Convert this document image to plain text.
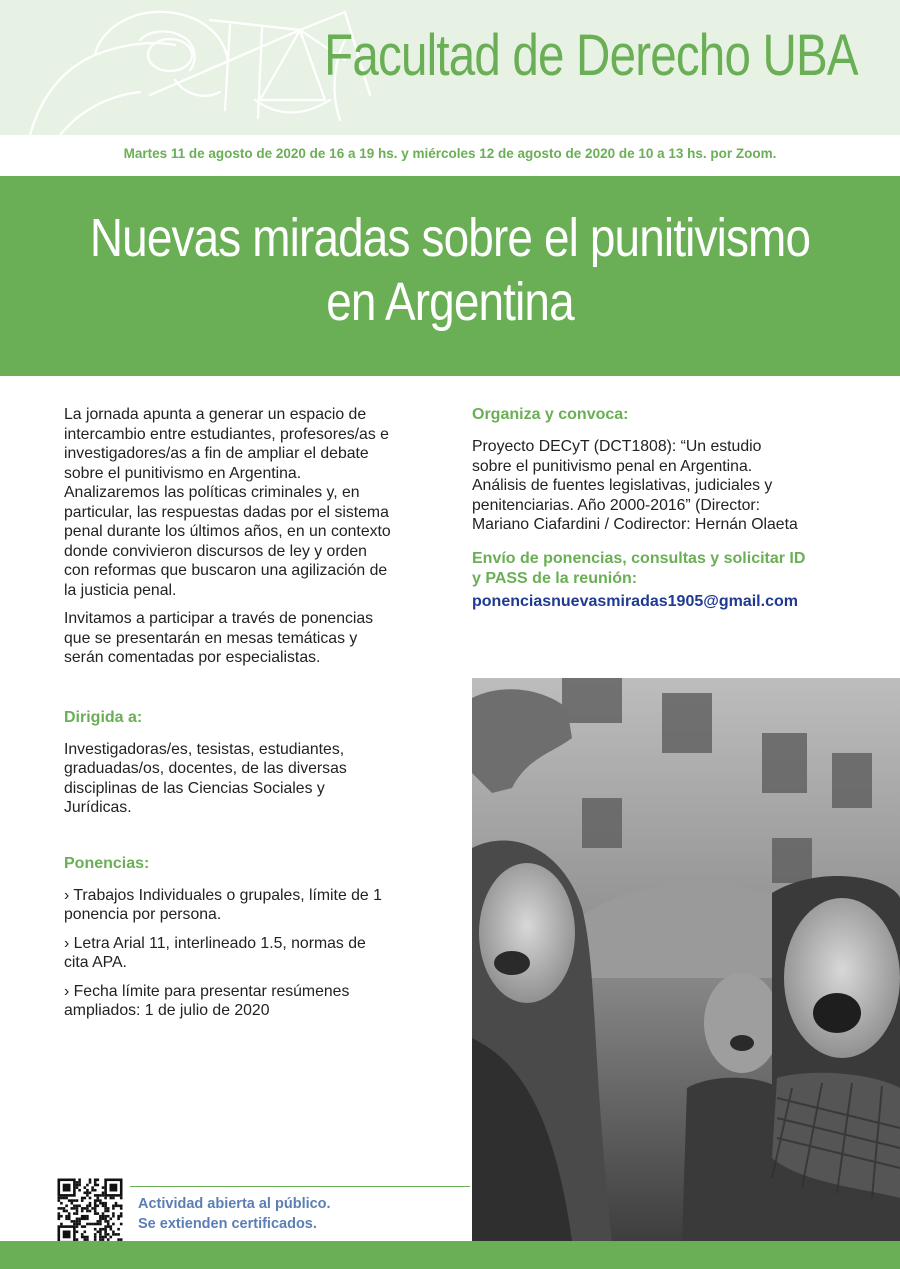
Facultad de Derecho UBA
Martes 11 de agosto de 2020 de 16 a 19 hs. y miércoles 12 de agosto de 2020 de 10 a 13 hs. por Zoom.
Nuevas miradas sobre el punitivismo
en Argentina
La jornada apunta a generar un espacio de
intercambio entre estudiantes, profesores/as e
investigadores/as a fin de ampliar el debate
sobre el punitivismo en Argentina.
Analizaremos las políticas criminales y, en
particular, las respuestas dadas por el sistema
penal durante los últimos años, en un contexto
donde convivieron discursos de ley y orden
con reformas que buscaron una agilización de
la justicia penal.
Invitamos a participar a través de ponencias
que se presentarán en mesas temáticas y
serán comentadas por especialistas.
Dirigida a:
Investigadoras/es, tesistas, estudiantes,
graduadas/os, docentes, de las diversas
disciplinas de las Ciencias Sociales y
Jurídicas.
Ponencias:
› Trabajos Individuales o grupales, límite de 1
ponencia por persona.
› Letra Arial 11, interlineado 1.5, normas de
cita APA.
› Fecha límite para presentar resúmenes
ampliados: 1 de julio de 2020
Organiza y convoca:
Proyecto DECyT (DCT1808): “Un estudio
sobre el punitivismo penal en Argentina.
Análisis de fuentes legislativas, judiciales y
penitenciarias. Año 2000-2016” (Director:
Mariano Ciafardini / Codirector: Hernán Olaeta
Envío de ponencias, consultas y solicitar ID
y PASS de la reunión:
ponenciasnuevasmiradas1905@gmail.com
Actividad abierta al público.
Se extienden certificados.
